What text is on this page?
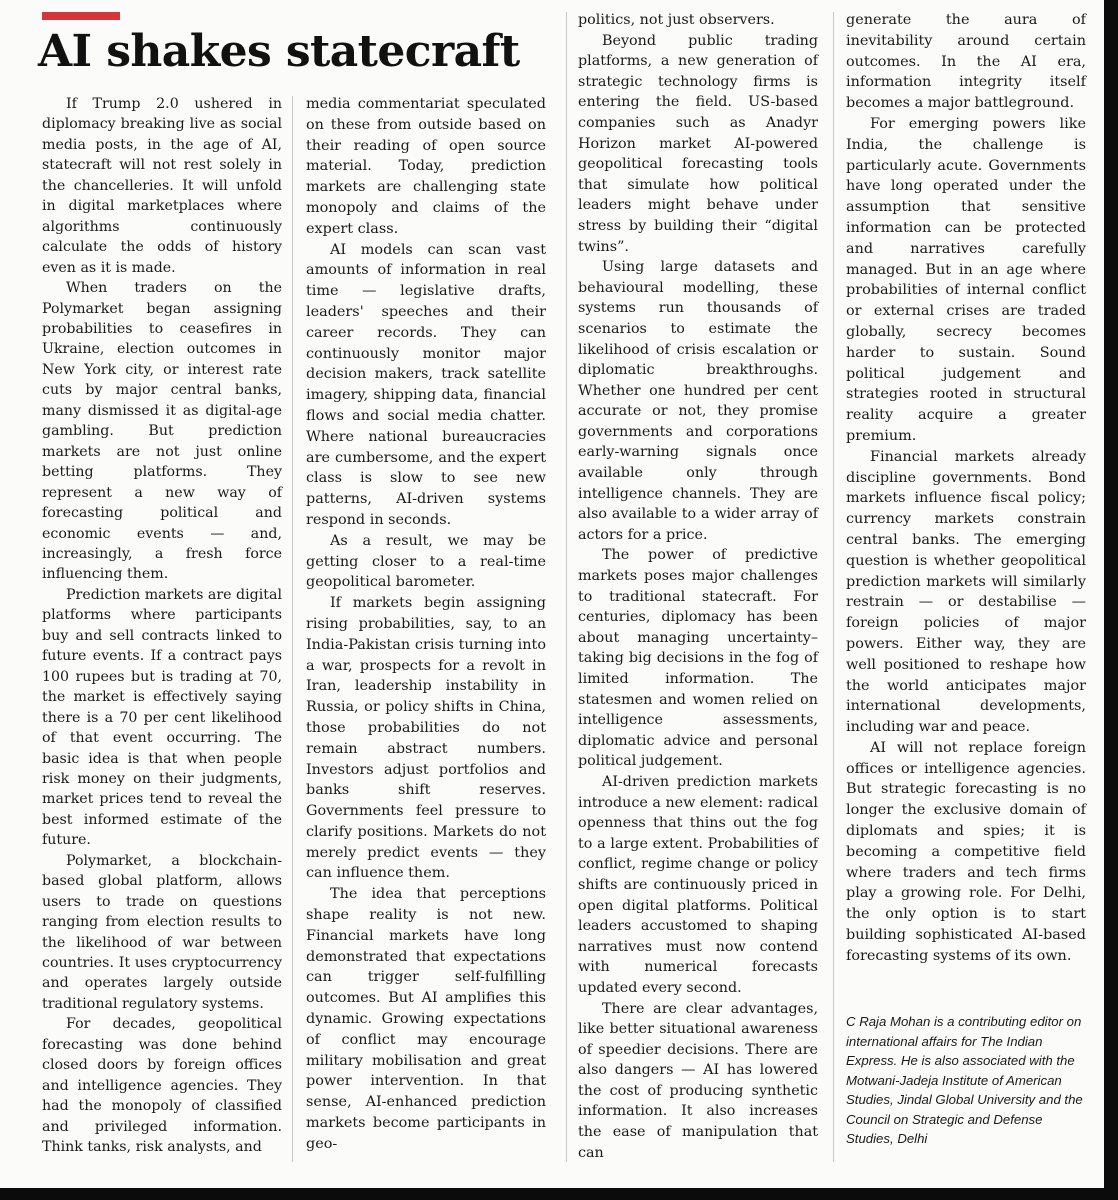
AI shakes statecraft

If Trump 2.0 ushered in diplomacy breaking live as social media posts, in the age of AI, statecraft will not rest solely in the chancelleries. It will unfold in digital marketplaces where algorithms continuously calculate the odds of history even as it is made.

When traders on the Polymarket began assigning probabilities to ceasefires in Ukraine, election outcomes in New York city, or interest rate cuts by major central banks, many dismissed it as digital-age gambling. But prediction markets are not just online betting platforms. They represent a new way of forecasting political and economic events — and, increasingly, a fresh force influencing them.

Prediction markets are digital platforms where participants buy and sell contracts linked to future events. If a contract pays 100 rupees but is trading at 70, the market is effectively saying there is a 70 per cent likelihood of that event occurring. The basic idea is that when people risk money on their judgments, market prices tend to reveal the best informed estimate of the future.

Polymarket, a blockchain-based global platform, allows users to trade on questions ranging from election results to the likelihood of war between countries. It uses cryptocurrency and operates largely outside traditional regulatory systems.

For decades, geopolitical forecasting was done behind closed doors by foreign offices and intelligence agencies. They had the monopoly of classified and privileged information. Think tanks, risk analysts, and

media commentariat speculated on these from outside based on their reading of open source material. Today, prediction markets are challenging state monopoly and claims of the expert class.

AI models can scan vast amounts of information in real time — legislative drafts, leaders' speeches and their career records. They can continuously monitor major decision makers, track satellite imagery, shipping data, financial flows and social media chatter. Where national bureaucracies are cumbersome, and the expert class is slow to see new patterns, AI-driven systems respond in seconds.

As a result, we may be getting closer to a real-time geopolitical barometer.

If markets begin assigning rising probabilities, say, to an India-Pakistan crisis turning into a war, prospects for a revolt in Iran, leadership instability in Russia, or policy shifts in China, those probabilities do not remain abstract numbers. Investors adjust portfolios and banks shift reserves. Governments feel pressure to clarify positions. Markets do not merely predict events — they can influence them.

The idea that perceptions shape reality is not new. Financial markets have long demonstrated that expectations can trigger self-fulfilling outcomes. But AI amplifies this dynamic. Growing expectations of conflict may encourage military mobilisation and great power intervention. In that sense, AI-enhanced prediction markets become participants in geo-

politics, not just observers.

Beyond public trading platforms, a new generation of strategic technology firms is entering the field. US-based companies such as Anadyr Horizon market AI-powered geopolitical forecasting tools that simulate how political leaders might behave under stress by building their “digital twins”.

Using large datasets and behavioural modelling, these systems run thousands of scenarios to estimate the likelihood of crisis escalation or diplomatic breakthroughs. Whether one hundred per cent accurate or not, they promise governments and corporations early-warning signals once available only through intelligence channels. They are also available to a wider array of actors for a price.

The power of predictive markets poses major challenges to traditional statecraft. For centuries, diplomacy has been about managing uncertainty–taking big decisions in the fog of limited information. The statesmen and women relied on intelligence assessments, diplomatic advice and personal political judgement.

AI-driven prediction markets introduce a new element: radical openness that thins out the fog to a large extent. Probabilities of conflict, regime change or policy shifts are continuously priced in open digital platforms. Political leaders accustomed to shaping narratives must now contend with numerical forecasts updated every second.

There are clear advantages, like better situational awareness of speedier decisions. There are also dangers — AI has lowered the cost of producing synthetic information. It also increases the ease of manipulation that can

generate the aura of inevitability around certain outcomes. In the AI era, information integrity itself becomes a major battleground.

For emerging powers like India, the challenge is particularly acute. Governments have long operated under the assumption that sensitive information can be protected and narratives carefully managed. But in an age where probabilities of internal conflict or external crises are traded globally, secrecy becomes harder to sustain. Sound political judgement and strategies rooted in structural reality acquire a greater premium.

Financial markets already discipline governments. Bond markets influence fiscal policy; currency markets constrain central banks. The emerging question is whether geopolitical prediction markets will similarly restrain — or destabilise — foreign policies of major powers. Either way, they are well positioned to reshape how the world anticipates major international developments, including war and peace.

AI will not replace foreign offices or intelligence agencies. But strategic forecasting is no longer the exclusive domain of diplomats and spies; it is becoming a competitive field where traders and tech firms play a growing role. For Delhi, the only option is to start building sophisticated AI-based forecasting systems of its own.

C Raja Mohan is a contributing editor on international affairs for The Indian Express. He is also associated with the Motwani-Jadeja Institute of American Studies, Jindal Global University and the Council on Strategic and Defense Studies, Delhi
